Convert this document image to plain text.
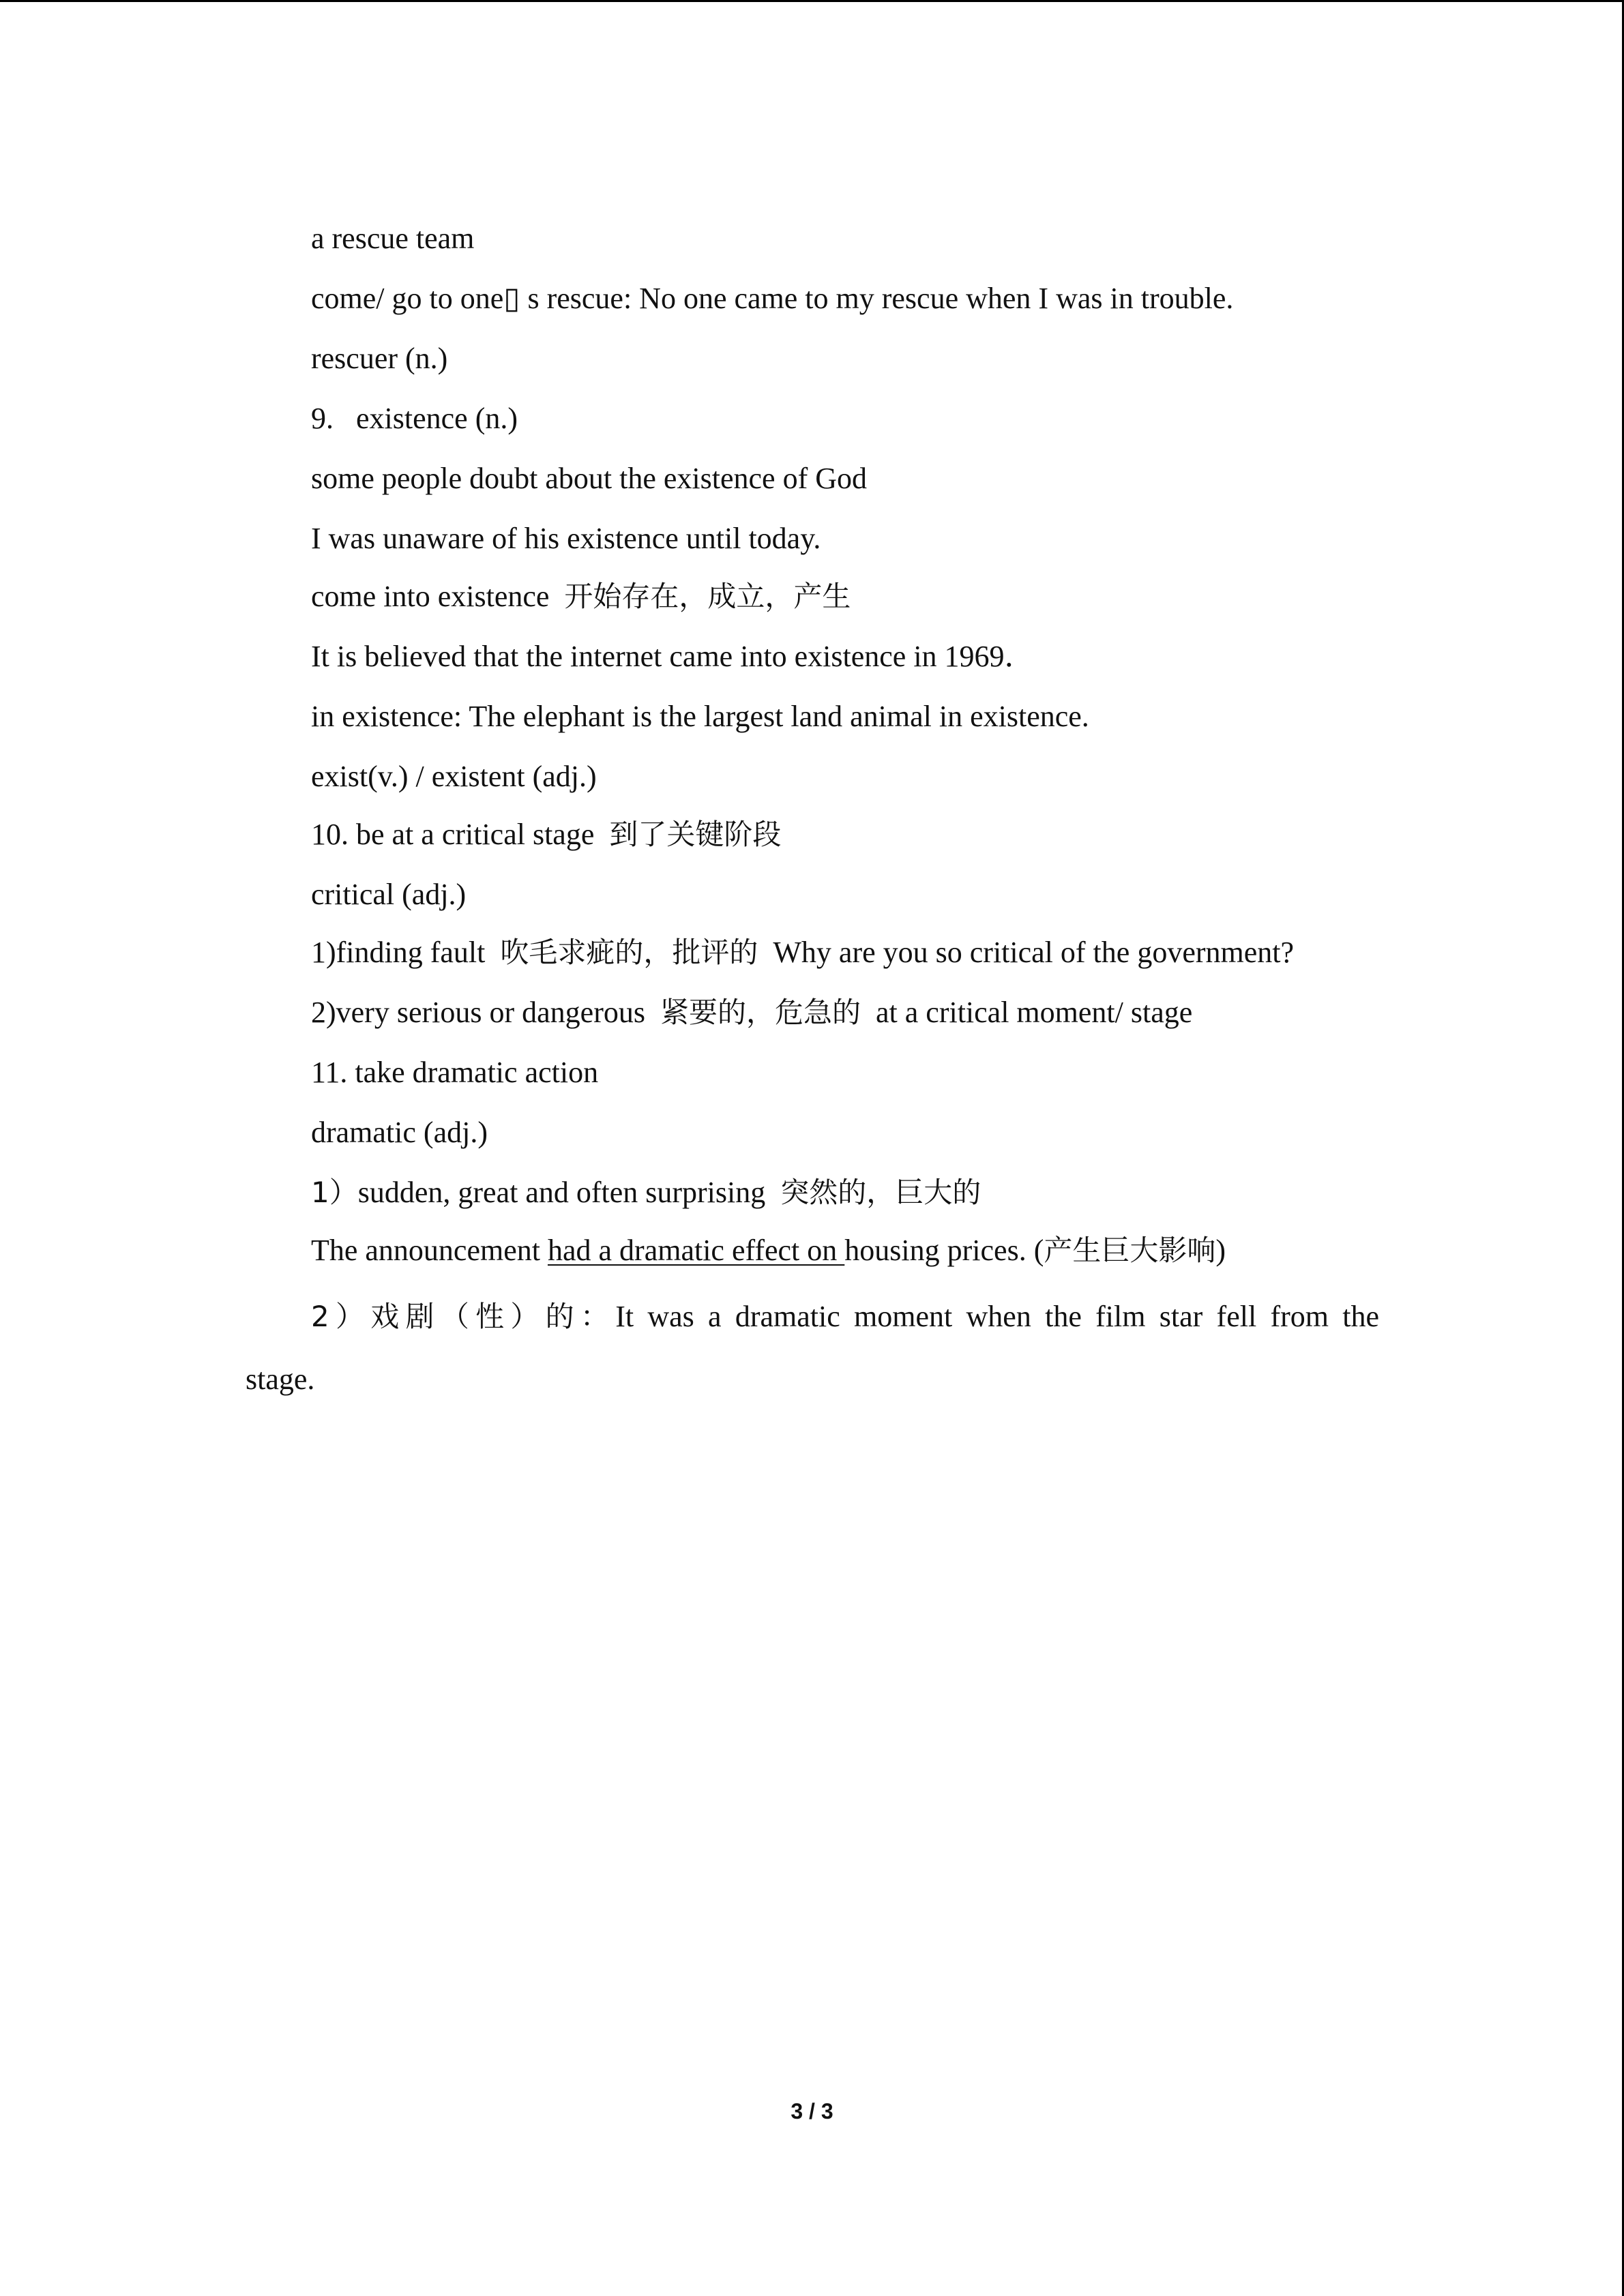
2）戏剧（性）的：It was a dramatic moment when the film star fell from the
stage.
a rescue team
come/ go to one▯ s rescue: No one came to my rescue when I was in trouble.
rescuer (n.)
9.   existence (n.)
some people doubt about the existence of God
I was unaware of his existence until today.
come into existence  开始存在，成立，产生
It is believed that the internet came into existence in 1969．
in existence: The elephant is the largest land animal in existence.
exist(v.) / existent (adj.)
10. be at a critical stage  到了关键阶段
critical (adj.)
1)finding fault  吹毛求疵的，批评的  Why are you so critical of the government?
2)very serious or dangerous  紧要的，危急的  at a critical moment/ stage
11. take dramatic action
dramatic (adj.)
1）sudden, great and often surprising  突然的，巨大的
The announcement had a dramatic effect on housing prices. (产生巨大影响)
3 / 3
